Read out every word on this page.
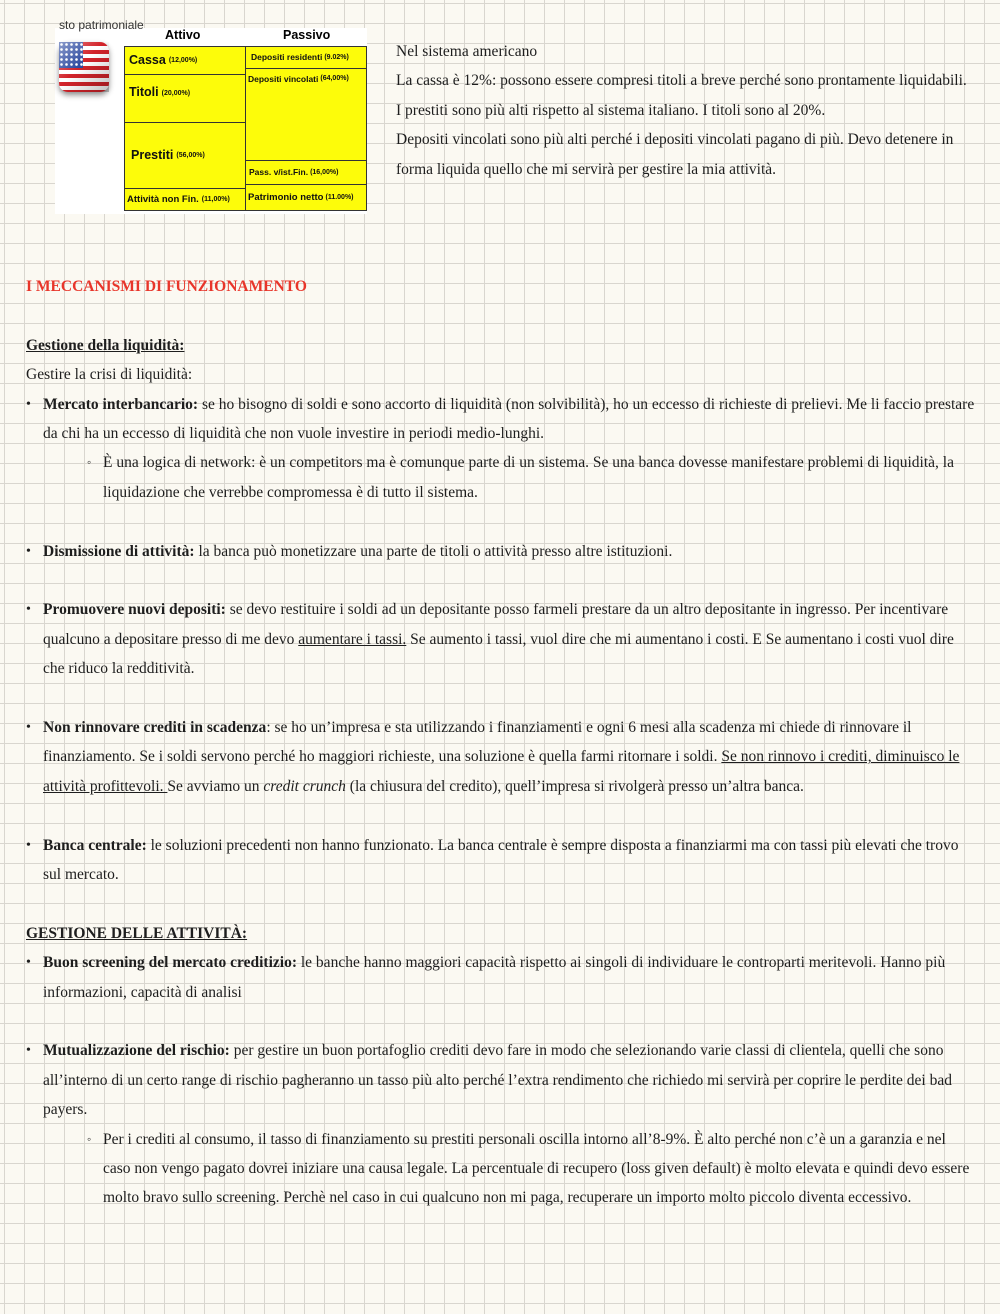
sto patrimoniale
Attivo	Passivo
Cassa (12,00%)
Titoli (20,00%)
Prestiti (56,00%)
Attività non Fin. (11,00%)
Depositi residenti (9.02%)
Depositi vincolati (64,00%)
Pass. v/ist.Fin. (16,00%)
Patrimonio netto (11.00%)

Nel sistema americano

La cassa è 12%: possono essere compresi titoli a breve perché sono prontamente liquidabili.

I prestiti sono più alti rispetto al sistema italiano. I titoli sono al 20%.

Depositi vincolati sono più alti perché i depositi vincolati pagano di più. Devo detenere in forma liquida quello che mi servirà per gestire la mia attività.

I MECCANISMI DI FUNZIONAMENTO

Gestione della liquidità:

Gestire la crisi di liquidità:

• Mercato interbancario: se ho bisogno di soldi e sono accorto di liquidità (non solvibilità), ho un eccesso di richieste di prelievi. Me li faccio prestare da chi ha un eccesso di liquidità che non vuole investire in periodi medio-lunghi.
◦ È una logica di network: è un competitors ma è comunque parte di un sistema. Se una banca dovesse manifestare problemi di liquidità, la liquidazione che verrebbe compromessa è di tutto il sistema.
• Dismissione di attività: la banca può monetizzare una parte de titoli o attività presso altre istituzioni.
• Promuovere nuovi depositi: se devo restituire i soldi ad un depositante posso farmeli prestare da un altro depositante in ingresso. Per incentivare qualcuno a depositare presso di me devo aumentare i tassi. Se aumento i tassi, vuol dire che mi aumentano i costi. E Se aumentano i costi vuol dire che riduco la redditività.
• Non rinnovare crediti in scadenza: se ho un’impresa e sta utilizzando i finanziamenti e ogni 6 mesi alla scadenza mi chiede di rinnovare il finanziamento. Se i soldi servono perché ho maggiori richieste, una soluzione è quella farmi ritornare i soldi. Se non rinnovo i crediti, diminuisco le attività profittevoli. Se avviamo un credit crunch (la chiusura del credito), quell’impresa si rivolgerà presso un’altra banca.
• Banca centrale: le soluzioni precedenti non hanno funzionato. La banca centrale è sempre disposta a finanziarmi ma con tassi più elevati che trovo sul mercato.

GESTIONE DELLE ATTIVITÀ:

• Buon screening del mercato creditizio: le banche hanno maggiori capacità rispetto ai singoli di individuare le controparti meritevoli. Hanno più informazioni, capacità di analisi
• Mutualizzazione del rischio: per gestire un buon portafoglio crediti devo fare in modo che selezionando varie classi di clientela, quelli che sono all’interno di un certo range di rischio pagheranno un tasso più alto perché l’extra rendimento che richiedo mi servirà per coprire le perdite dei bad payers.
◦ Per i crediti al consumo, il tasso di finanziamento su prestiti personali oscilla intorno all’8-9%. È alto perché non c’è un a garanzia e nel caso non vengo pagato dovrei iniziare una causa legale. La percentuale di recupero (loss given default) è molto elevata e quindi devo essere molto bravo sullo screening. Perchè nel caso in cui qualcuno non mi paga, recuperare un importo molto piccolo diventa eccessivo.
